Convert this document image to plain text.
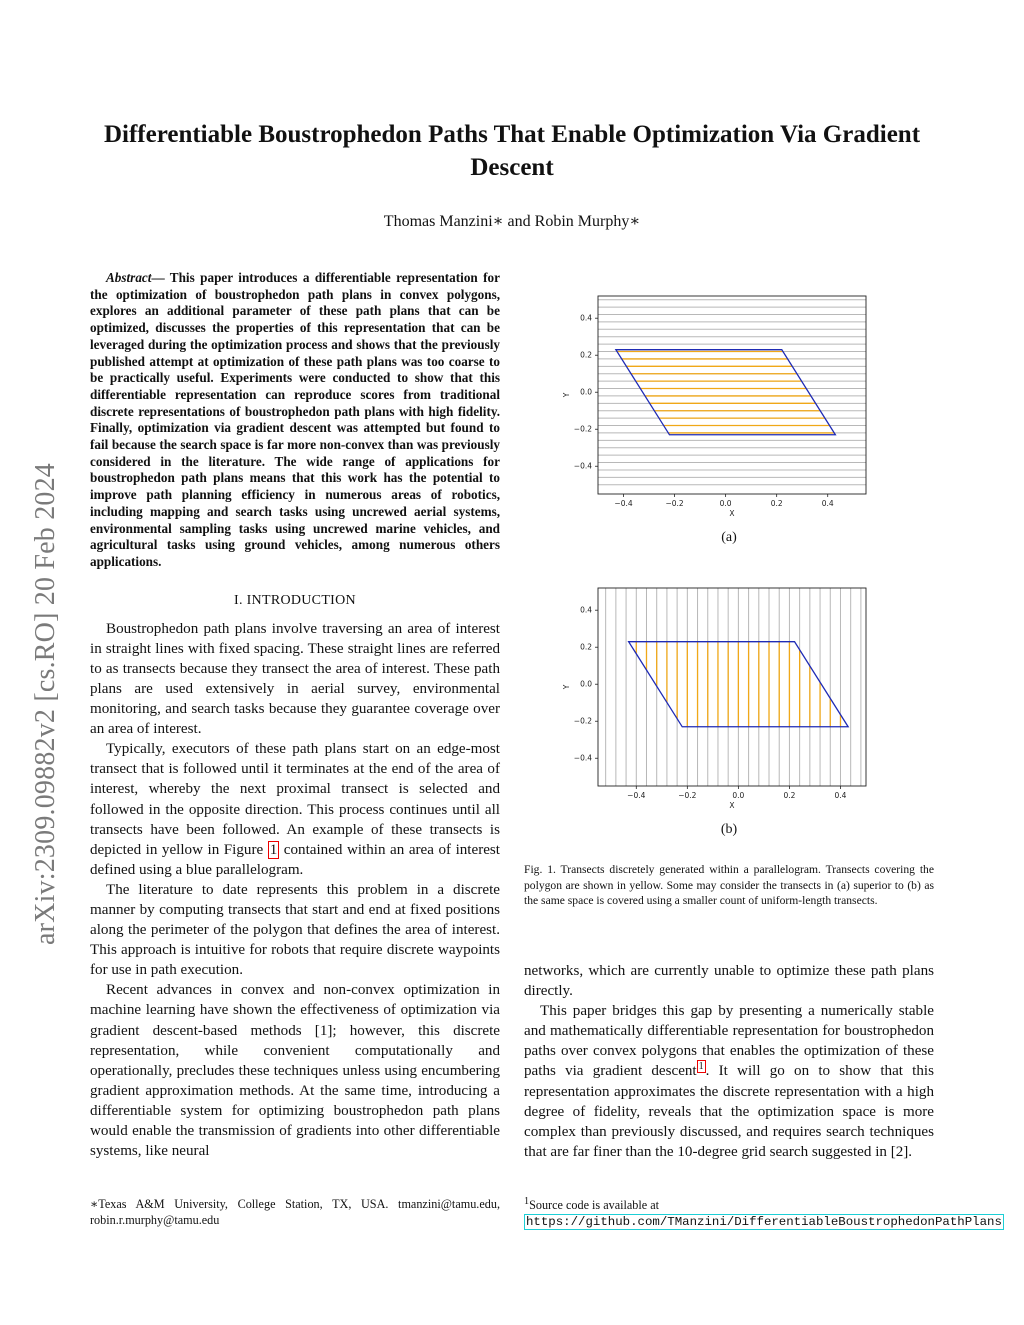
Differentiable Boustrophedon Paths That Enable Optimization Via Gradient Descent
Thomas Manzini∗ and Robin Murphy∗
arXiv:2309.09882v2 [cs.RO] 20 Feb 2024

Abstract— This paper introduces a differentiable representation for the optimization of boustrophedon path plans in convex polygons, explores an additional parameter of these path plans that can be optimized, discusses the properties of this representation that can be leveraged during the optimization process and shows that the previously published attempt at optimization of these path plans was too coarse to be practically useful. Experiments were conducted to show that this differentiable representation can reproduce scores from traditional discrete representations of boustrophedon path plans with high fidelity. Finally, optimization via gradient descent was attempted but found to fail because the search space is far more non-convex than was previously considered in the literature. The wide range of applications for boustrophedon path plans means that this work has the potential to improve path planning efficiency in numerous areas of robotics, including mapping and search tasks using uncrewed aerial systems, environmental sampling tasks using uncrewed marine vehicles, and agricultural tasks using ground vehicles, among numerous others applications.

I. INTRODUCTION

Boustrophedon path plans involve traversing an area of interest in straight lines with fixed spacing. These straight lines are referred to as transects because they transect the area of interest. These path plans are used extensively in aerial survey, environmental monitoring, and search tasks because they guarantee coverage over an area of interest.

Typically, executors of these path plans start on an edge-most transect that is followed until it terminates at the end of the area of interest, whereby the next proximal transect is selected and followed in the opposite direction. This process continues until all transects have been followed. An example of these transects is depicted in yellow in Figure 1 contained within an area of interest defined using a blue parallelogram.

The literature to date represents this problem in a discrete manner by computing transects that start and end at fixed positions along the perimeter of the polygon that defines the area of interest. This approach is intuitive for robots that require discrete waypoints for use in path execution.

Recent advances in convex and non-convex optimization in machine learning have shown the effectiveness of optimization via gradient descent-based methods [1]; however, this discrete representation, while convenient computationally and operationally, precludes these techniques unless using encumbering gradient approximation methods. At the same time, introducing a differentiable system for optimizing boustrophedon path plans would enable the transmission of gradients into other differentiable systems, like neural

∗Texas A&M University, College Station, TX, USA. tmanzini@tamu.edu, robin.r.murphy@tamu.edu
−0.4	−0.2	0.0	0.2	0.4
0.4
0.2
0.0
−0.2
−0.4
X
Y
(a)
−0.4	−0.2	0.0	0.2	0.4
0.4
0.2
0.0
−0.2
−0.4
X
Y
(b)
Fig. 1. Transects discretely generated within a parallelogram. Transects covering the polygon are shown in yellow. Some may consider the transects in (a) superior to (b) as the same space is covered using a smaller count of uniform-length transects.

networks, which are currently unable to optimize these path plans directly.

This paper bridges this gap by presenting a numerically stable and mathematically differentiable representation for boustrophedon paths over convex polygons that enables the optimization of these paths via gradient descent $^1$ . It will go on to show that this representation approximates the discrete representation with a high degree of fidelity, reveals that the optimization space is more complex than previously discussed, and requires search techniques that are far finer than the 10-degree grid search suggested in [2].

$^1$Source code is available at https://github.com/TManzini/DifferentiableBoustrophedonPathPlans
